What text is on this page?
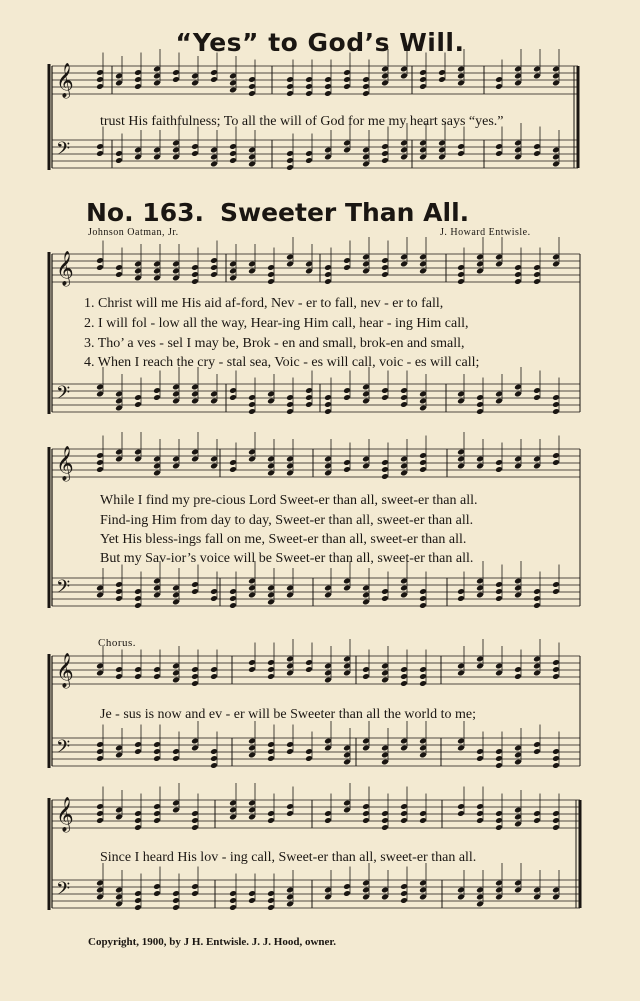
“Yes” to God’s Will.
𝄞
𝄢
𝄞
𝄢
𝄞
𝄢
𝄞
𝄢
𝄞
𝄢
trust His faithfulness; To all the will of God for me my heart says “yes.”
No. 163. Sweeter Than All.
Johnson Oatman, Jr.	J. Howard Entwisle.
1. Christ will me His aid af-ford, Nev - er to fall, nev - er to fall,
2. I will fol - low all the way, Hear-ing Him call, hear - ing Him call,
3. Tho’ a ves - sel I may be, Brok - en and small, brok-en and small,
4. When I reach the cry - stal sea, Voic - es will call, voic - es will call;
While I find my pre-cious Lord Sweet-er than all, sweet-er than all.
Find-ing Him from day to day, Sweet-er than all, sweet-er than all.
Yet His bless-ings fall on me, Sweet-er than all, sweet-er than all.
But my Sav-ior’s voice will be Sweet-er than all, sweet-er than all.
Chorus.
Je - sus is now and ev - er will be Sweeter than all the world to me;
Since I heard His lov - ing call, Sweet-er than all, sweet-er than all.
Copyright, 1900, by J H. Entwisle. J. J. Hood, owner.
